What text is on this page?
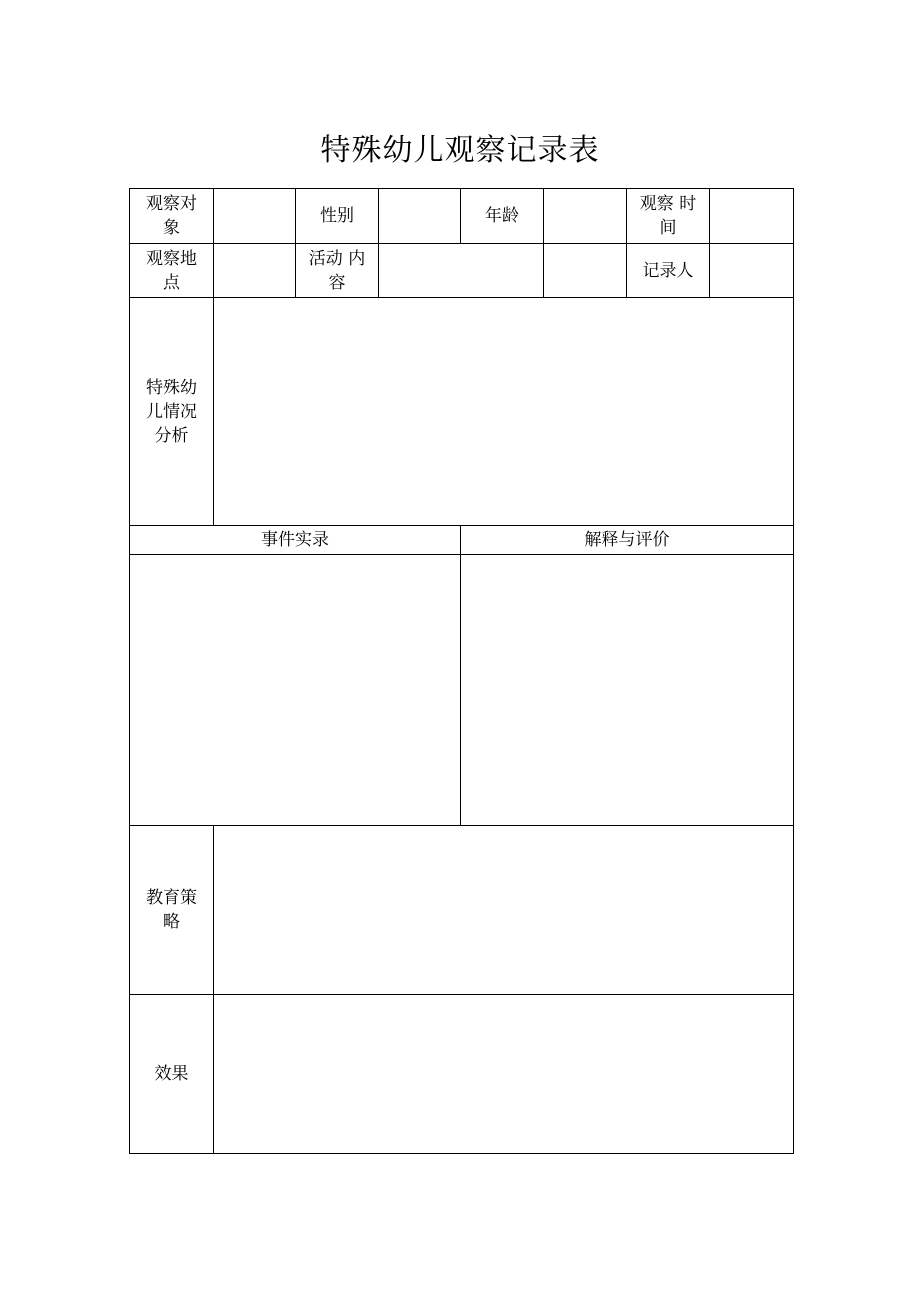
特殊幼儿观察记录表
观察对象		性别		年龄		观察 时间	
观察地点		活动 内容				记录人	
特殊幼儿情况分析							
事件实录				解释与评价			

教育策略							
效果							
